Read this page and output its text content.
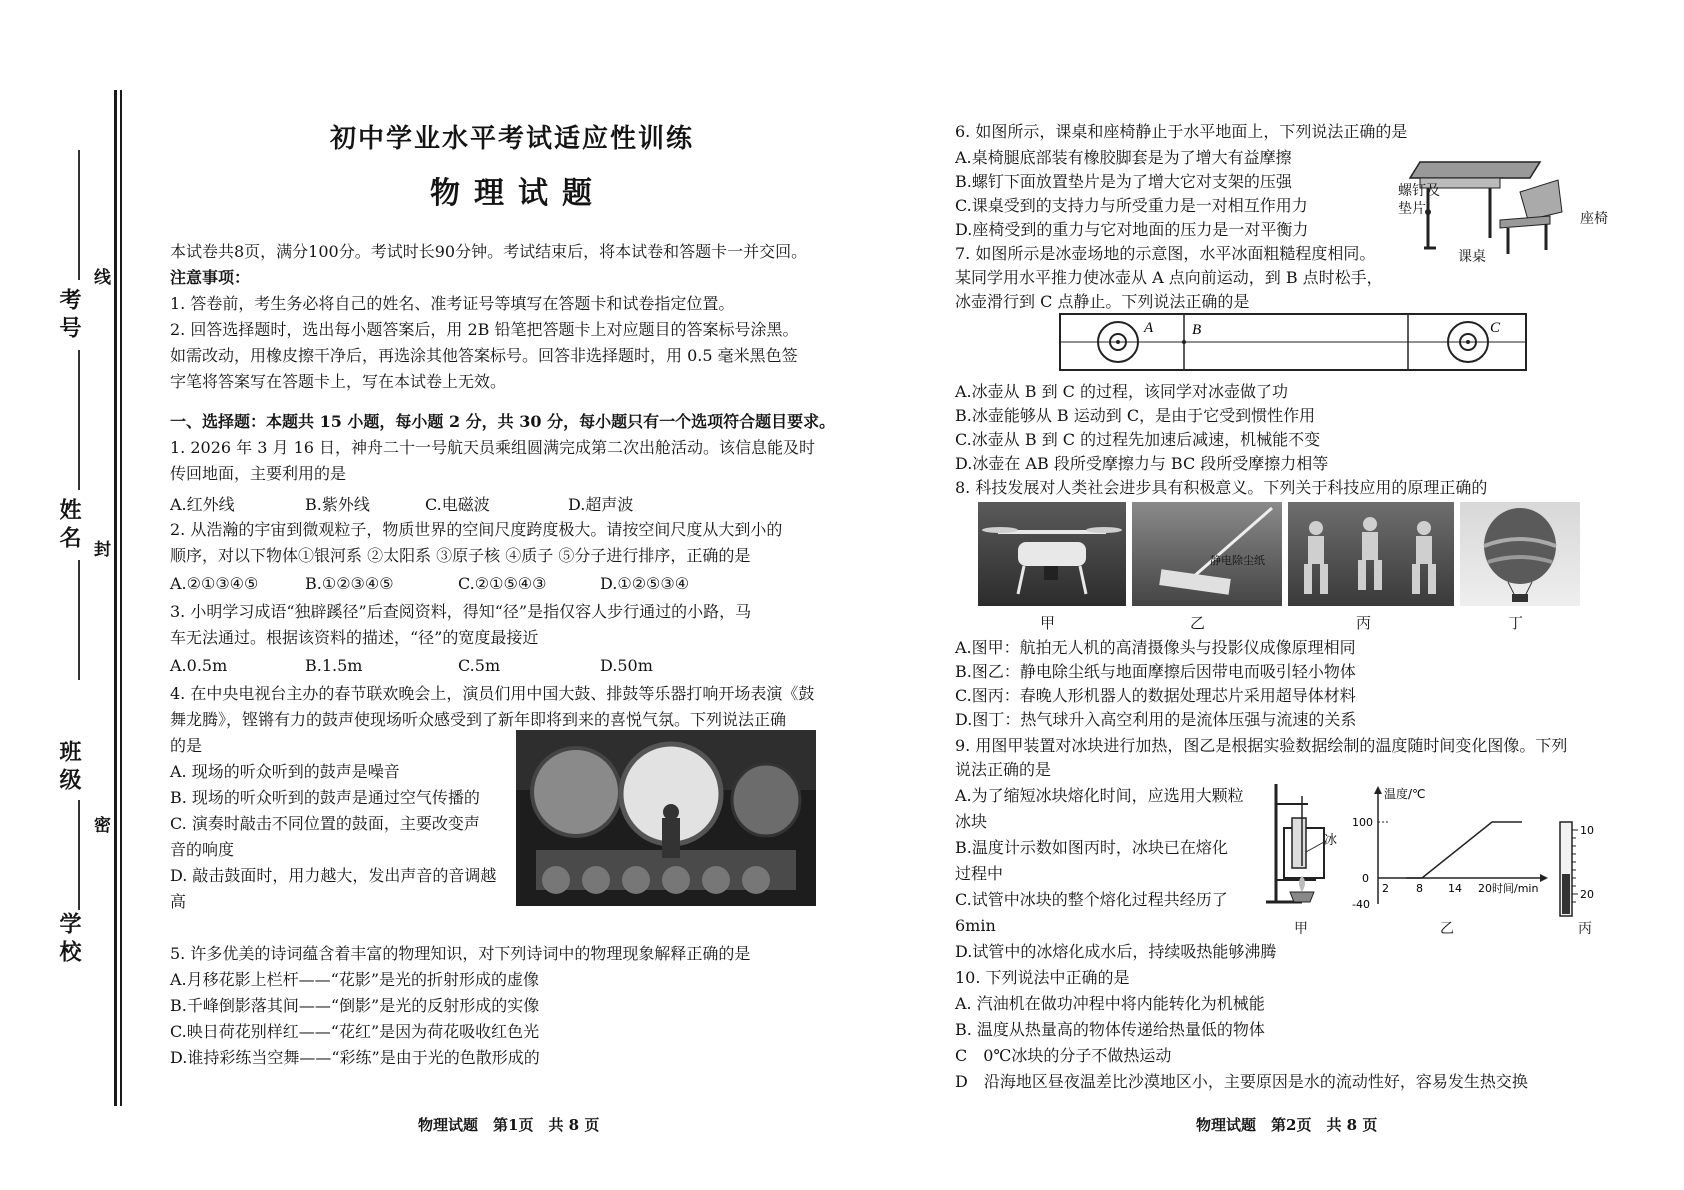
考号
线
姓名 封
班级
密
学校
初中学业水平考试适应性训练
物理试题
本试卷共8页，满分100分。考试时长90分钟。考试结束后，将本试卷和答题卡一并交回。
注意事项：
1. 答卷前，考生务必将自己的姓名、准考证号等填写在答题卡和试卷指定位置。
2. 回答选择题时，选出每小题答案后，用 2B 铅笔把答题卡上对应题目的答案标号涂黑。
如需改动，用橡皮擦干净后，再选涂其他答案标号。回答非选择题时，用 0.5 毫米黑色签
字笔将答案写在答题卡上，写在本试卷上无效。
一、选择题：本题共 15 小题，每小题 2 分，共 30 分，每小题只有一个选项符合题目要求。
1. 2026 年 3 月 16 日，神舟二十一号航天员乘组圆满完成第二次出舱活动。该信息能及时
传回地面，主要利用的是
A.红外线	B.紫外线	C.电磁波	D.超声波
2. 从浩瀚的宇宙到微观粒子，物质世界的空间尺度跨度极大。请按空间尺度从大到小的
顺序，对以下物体①银河系 ②太阳系 ③原子核 ④质子 ⑤分子进行排序，正确的是
A.②①③④⑤	B.①②③④⑤	C.②①⑤④③	D.①②⑤③④
3. 小明学习成语“独辟蹊径”后查阅资料，得知“径”是指仅容人步行通过的小路，马
车无法通过。根据该资料的描述，“径”的宽度最接近
A.0.5m	B.1.5m	C.5m	D.50m
4. 在中央电视台主办的春节联欢晚会上，演员们用中国大鼓、排鼓等乐器打响开场表演《鼓
舞龙腾》，铿锵有力的鼓声使现场听众感受到了新年即将到来的喜悦气氛。下列说法正确
的是
A. 现场的听众听到的鼓声是噪音
B. 现场的听众听到的鼓声是通过空气传播的
C. 演奏时敲击不同位置的鼓面，主要改变声
音的响度
D. 敲击鼓面时，用力越大，发出声音的音调越
高
5. 许多优美的诗词蕴含着丰富的物理知识，对下列诗词中的物理现象解释正确的是
A.月移花影上栏杆——“花影”是光的折射形成的虚像
B.千峰倒影落其间——“倒影”是光的反射形成的实像
C.映日荷花别样红——“花红”是因为荷花吸收红色光
D.谁持彩练当空舞——“彩练”是由于光的色散形成的
物理试题　第1页　共 8 页
6. 如图所示，课桌和座椅静止于水平地面上，下列说法正确的是
A.桌椅腿底部装有橡胶脚套是为了增大有益摩擦
B.螺钉下面放置垫片是为了增大它对支架的压强
C.课桌受到的支持力与所受重力是一对相互作用力
D.座椅受到的重力与它对地面的压力是一对平衡力
螺钉及
垫片
座椅
课桌
7. 如图所示是冰壶场地的示意图，水平冰面粗糙程度相同。
某同学用水平推力使冰壶从 A 点向前运动，到 B 点时松手，
冰壶滑行到 C 点静止。下列说法正确的是
A	B	C
A.冰壶从 B 到 C 的过程，该同学对冰壶做了功
B.冰壶能够从 B 运动到 C，是由于它受到惯性作用
C.冰壶从 B 到 C 的过程先加速后减速，机械能不变
D.冰壶在 AB 段所受摩擦力与 BC 段所受摩擦力相等
8. 科技发展对人类社会进步具有积极意义。下列关于科技应用的原理正确的
静电除尘纸
甲	乙	丙	丁
A.图甲：航拍无人机的高清摄像头与投影仪成像原理相同
B.图乙：静电除尘纸与地面摩擦后因带电而吸引轻小物体
C.图丙：春晚人形机器人的数据处理芯片采用超导体材料
D.图丁：热气球升入高空利用的是流体压强与流速的关系
9. 用图甲装置对冰块进行加热，图乙是根据实验数据绘制的温度随时间变化图像。下列
说法正确的是
A.为了缩短冰块熔化时间，应选用大颗粒
冰块
B.温度计示数如图丙时，冰块已在熔化
过程中
C.试管中冰块的整个熔化过程共经历了
6min
D.试管中的冰熔化成水后，持续吸热能够沸腾
冰
甲
温度/℃
100
0
-40
2 8 14 20 时间/min
乙
10
20
丙
10. 下列说法中正确的是
A. 汽油机在做功冲程中将内能转化为机械能
B. 温度从热量高的物体传递给热量低的物体
C　0℃冰块的分子不做热运动
D　沿海地区昼夜温差比沙漠地区小，主要原因是水的流动性好，容易发生热交换
物理试题　第2页　共 8 页
